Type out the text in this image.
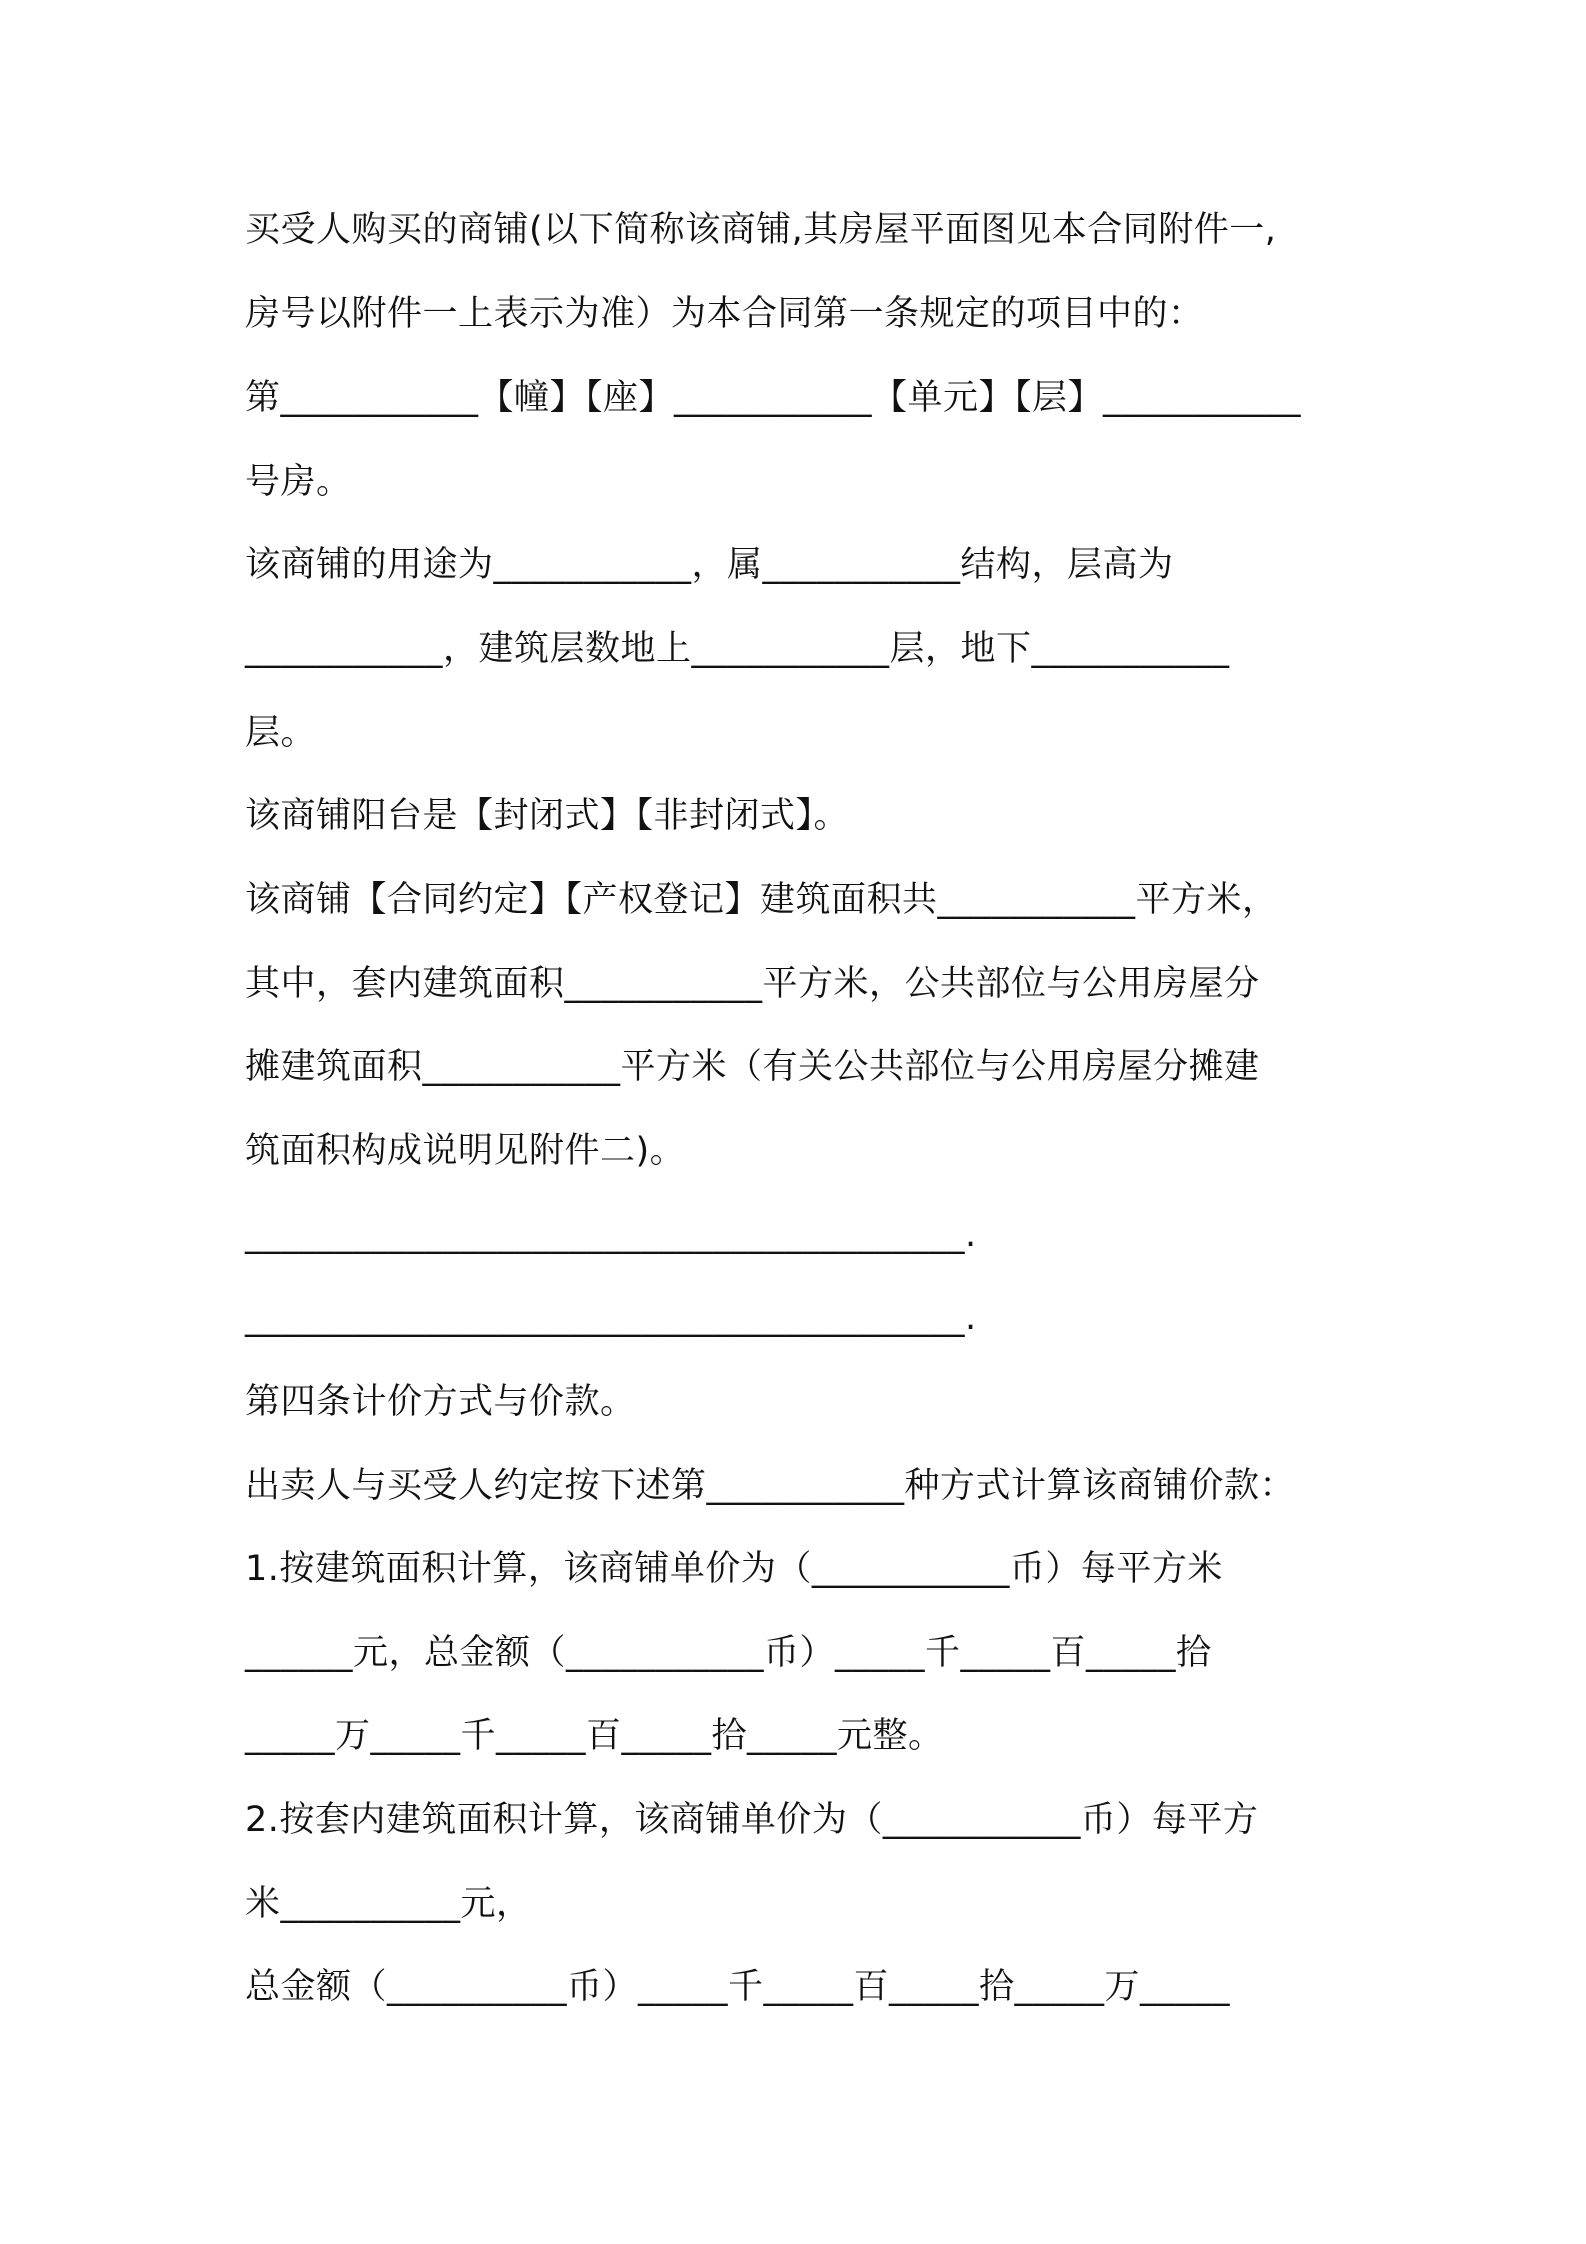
买受人购买的商铺(以下简称该商铺,其房屋平面图见本合同附件一,
房号以附件一上表示为准）为本合同第一条规定的项目中的：
第___________【幢】【座】___________【单元】【层】___________
号房。
该商铺的用途为___________，属___________结构，层高为
___________，建筑层数地上___________层，地下___________
层。
该商铺阳台是【封闭式】【非封闭式】。
该商铺【合同约定】【产权登记】建筑面积共___________平方米，
其中，套内建筑面积___________平方米，公共部位与公用房屋分
摊建筑面积___________平方米（有关公共部位与公用房屋分摊建
筑面积构成说明见附件二)。
________________________________________.
________________________________________.
第四条计价方式与价款。
出卖人与买受人约定按下述第___________种方式计算该商铺价款：
1.按建筑面积计算，该商铺单价为（___________币）每平方米
______元，总金额（___________币）_____千_____百_____拾
_____万_____千_____百_____拾_____元整。
2.按套内建筑面积计算，该商铺单价为（___________币）每平方
米__________元，
总金额（__________币）_____千_____百_____拾_____万_____
